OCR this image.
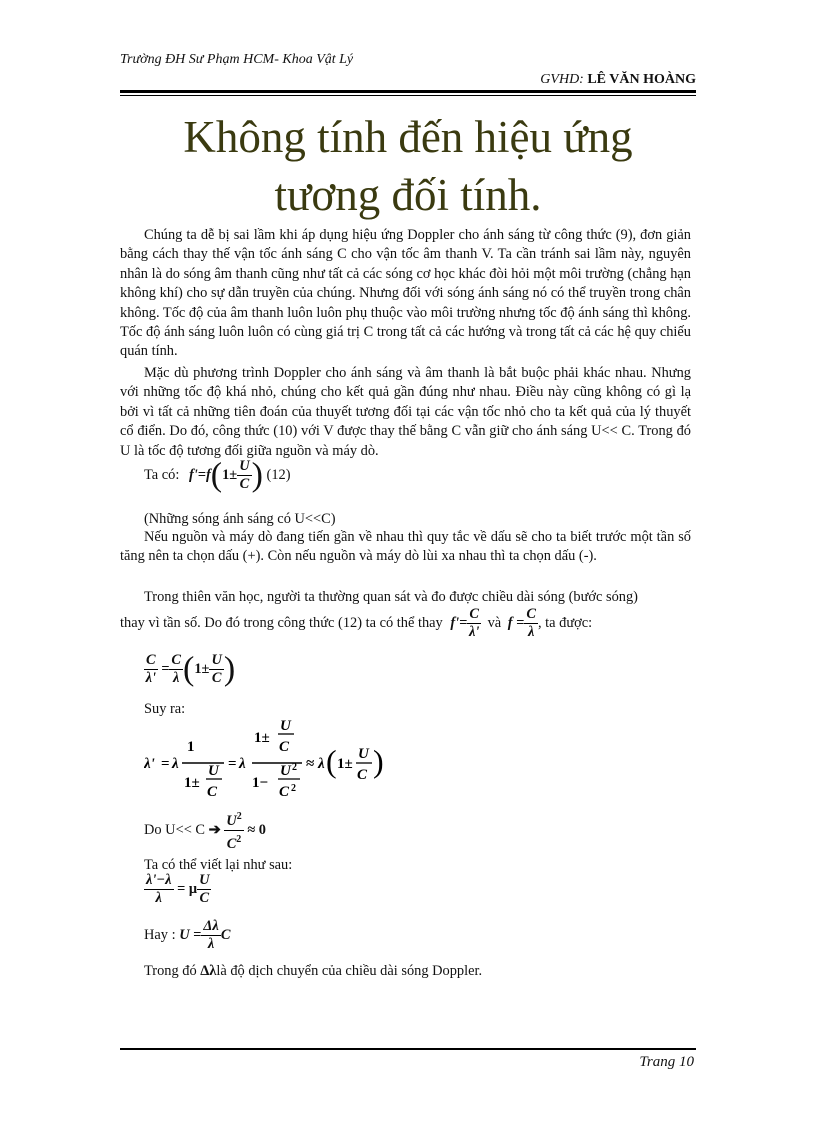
Trường ĐH Sư Phạm HCM- Khoa Vật Lý
GVHD: LÊ VĂN HOÀNG
Không tính đến hiệu ứng
tương đối tính.
Chúng ta dễ bị sai lầm khi áp dụng hiệu ứng Doppler cho ánh sáng từ công thức (9), đơn giản bằng cách thay thế vận tốc ánh sáng C cho vận tốc âm thanh V. Ta cần tránh sai lầm này, nguyên nhân là do sóng âm thanh cũng như tất cả các sóng cơ học khác đòi hỏi một môi trường (chẳng hạn không khí) cho sự dẫn truyền của chúng. Nhưng đối với sóng ánh sáng nó có thể truyền trong chân không. Tốc độ của âm thanh luôn luôn phụ thuộc vào môi trường nhưng tốc độ ánh sáng thì không. Tốc độ ánh sáng luôn luôn có cùng giá trị C trong tất cả các hướng và trong tất cả các hệ quy chiếu quán tính.
Mặc dù phương trình Doppler cho ánh sáng và âm thanh là bắt buộc phải khác nhau. Nhưng với những tốc độ khá nhỏ, chúng cho kết quả gần đúng như nhau. Điều này cũng không có gì lạ bởi vì tất cả những tiên đoán của thuyết tương đối tại các vận tốc nhỏ cho ta kết quả của lý thuyết cổ điển. Do đó, công thức (10) với V được thay thế bằng C vẫn giữ cho ánh sáng U<< C. Trong đó U là tốc độ tương đối giữa nguồn và máy dò.
Ta có: $f'=f(1\pm \frac{U}{C}$ ) (12)
(Những sóng ánh sáng có U<<C)
Nếu nguồn và máy dò đang tiến gần về nhau thì quy tắc về dấu sẽ cho ta biết trước một tần số tăng nên ta chọn dấu (+). Còn nếu nguồn và máy dò lùi xa nhau thì ta chọn dấu (-).
Trong thiên văn học, người ta thường quan sát và đo được chiều dài sóng (bước sóng)
thay vì tần số. Do đó trong công thức (12) ta có thể thay $f'= \frac{C}{\lambda'}$ và $f = \frac{C}{\lambda}$ , ta được:
$\frac{C}{\lambda'} = \frac{C}{\lambda} (1\pm \frac{U}{C}$ )
Suy ra:
λ' = λ
1
1±
U
C
= λ
1±
U
C
1−
U 2
C 2
≈ λ ( 1±
U
C )
Do U<< C ➔ $\frac{U^2}{C^2} \approx 0$
Ta có thể viết lại như sau:
$\frac{\lambda'-\lambda}{\lambda} = \mu \frac{U}{C}$
Hay : $U = \frac{\Delta\lambda}{\lambda}$ C
Trong đó Δλlà độ dịch chuyển của chiều dài sóng Doppler.
Trang 10
